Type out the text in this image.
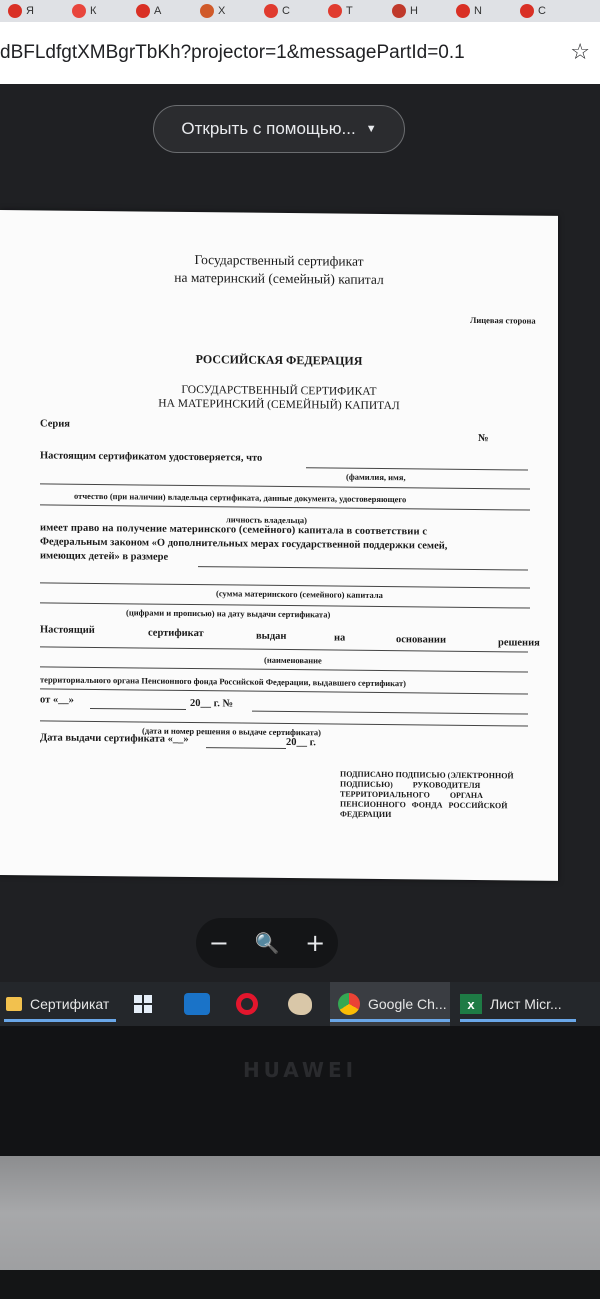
Я	К	А	Х	С	Т	Н	N	С
dBFLdfgtXMBgrTbKh?projector=1&messagePartId=0.1	☆
Открыть с помощью... ▼
Государственный сертификат
на материнский (семейный) капитал
Лицевая сторона
РОССИЙСКАЯ ФЕДЕРАЦИЯ
ГОСУДАРСТВЕННЫЙ СЕРТИФИКАТ
НА МАТЕРИНСКИЙ (СЕМЕЙНЫЙ) КАПИТАЛ
Серия
№
Настоящим сертификатом удостоверяется, что
(фамилия, имя,
отчество (при наличии) владельца сертификата, данные документа, удостоверяющего
личность владельца)
имеет право на получение материнского (семейного) капитала в соответствии с
Федеральным законом «О дополнительных мерах государственной поддержки семей,
имеющих детей» в размере
(сумма материнского (семейного) капитала
(цифрами и прописью) на дату выдачи сертификата)
Настоящий	сертификат	выдан	на	основании	решения
(наименование
территориального органа Пенсионного фонда Российской Федерации, выдавшего сертификат)
от «__»	20__ г. №
(дата и номер решения о выдаче сертификата)
Дата выдачи сертификата «__»	20__ г.
ПОДПИСАНО ПОДПИСЬЮ (ЭЛЕКТРОННОЙ
ПОДПИСЬЮ)          РУКОВОДИТЕЛЯ
ТЕРРИТОРИАЛЬНОГО          ОРГАНА
ПЕНСИОННОГО   ФОНДА   РОССИЙСКОЙ
ФЕДЕРАЦИИ
− 🔍 +
Сертификат	Google Ch...	x	Лист Micr...
HUAWEI
